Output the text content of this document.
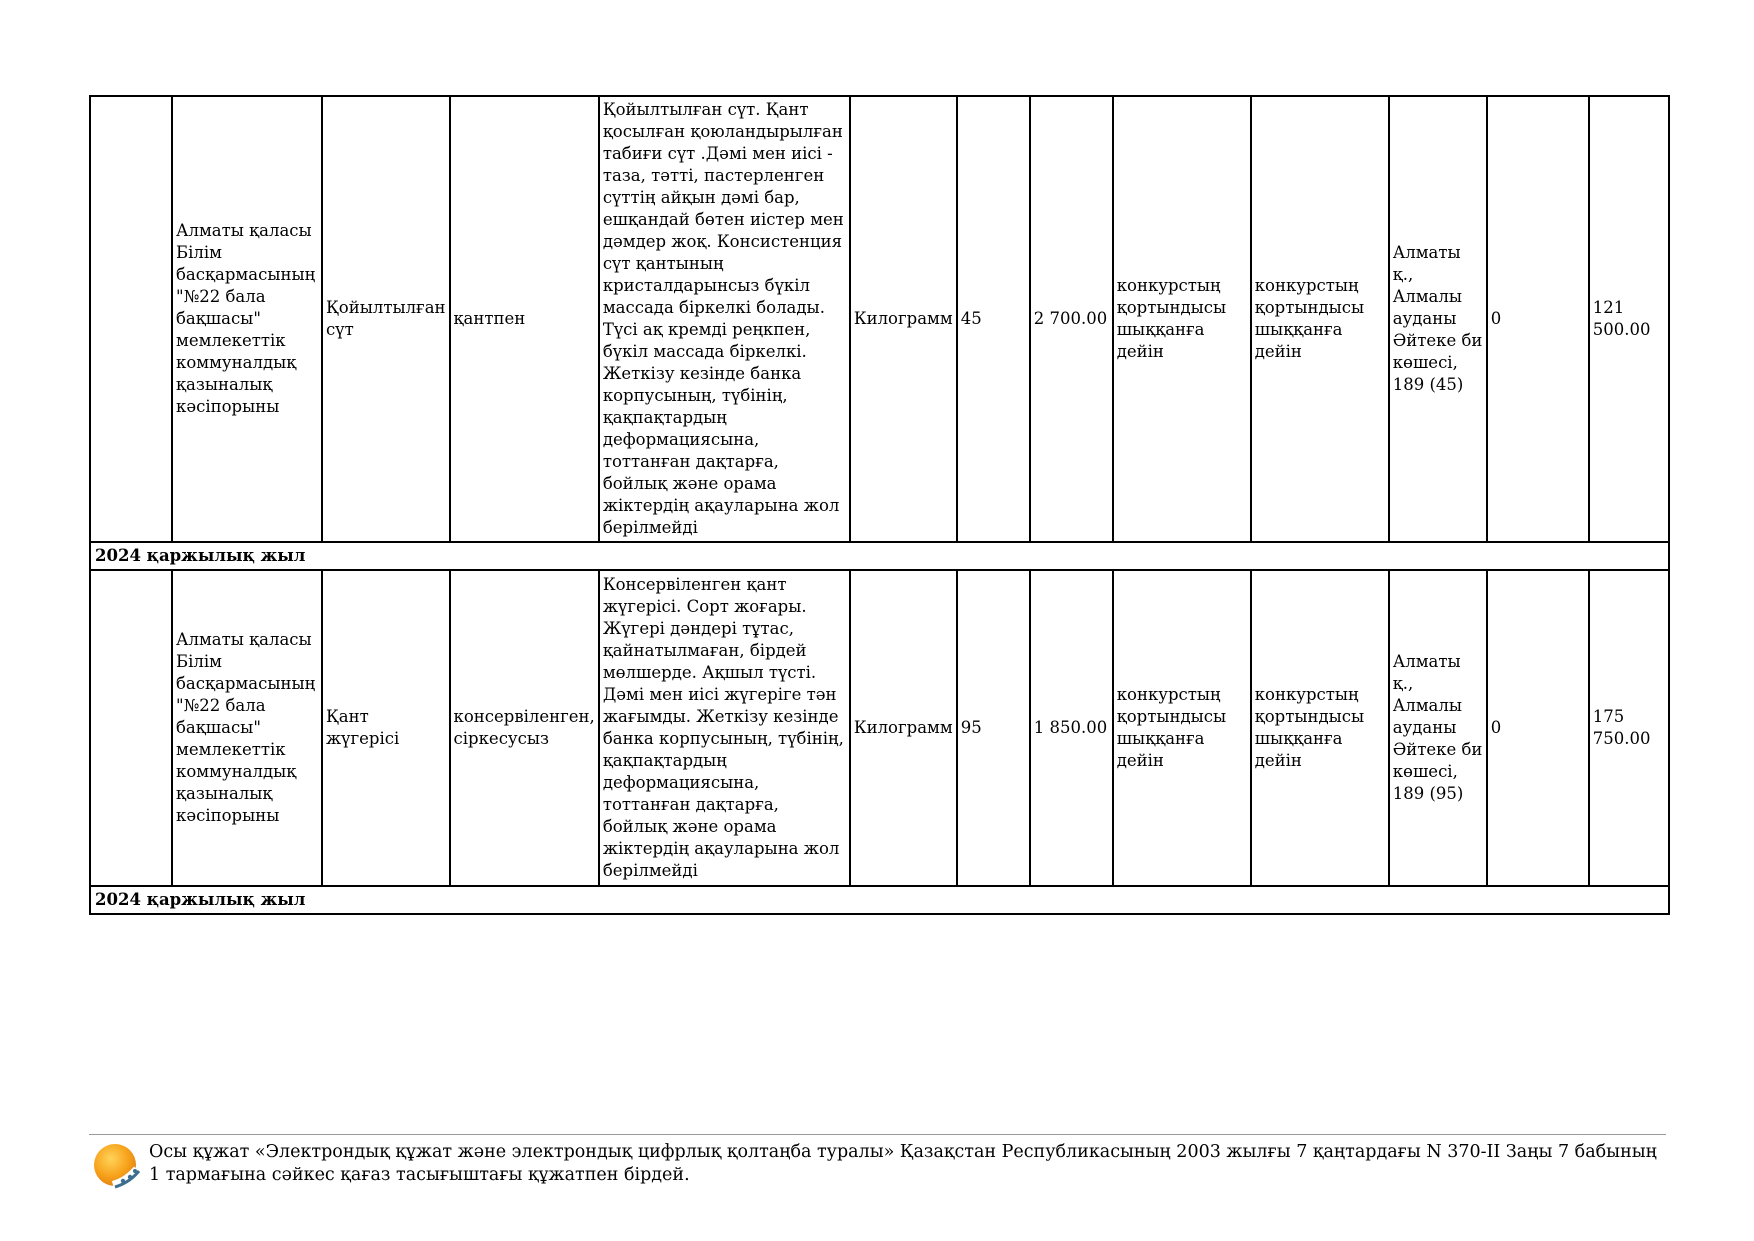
	Алматы қаласы Білім басқармасының "№22 бала бақшасы" мемлекеттік коммуналдық қазыналық кәсіпорыны	Қойылтылған сүт	қантпен	Қойылтылған сүт. Қант қосылған қоюландырылған табиғи сүт .Дәмі мен иісі - таза, тәтті, пастерленген сүттің айқын дәмі бар, ешқандай бөтен иістер мен дәмдер жоқ. Консистенция сүт қантының кристалдарынсыз бүкіл массада біркелкі болады. Түсі ақ кремді реңкпен, бүкіл массада біркелкі. Жеткізу кезінде банка корпусының, түбінің, қақпақтардың деформациясына, тоттанған дақтарға, бойлық және орама жіктердің ақауларына жол берілмейді	Килограмм	45	2 700.00	конкурстың қортындысы шыққанға дейін	конкурстың қортындысы шыққанға дейін	Алматы қ., Алмалы ауданы Әйтеке би көшесі, 189 (45)	0	121 500.00
2024 қаржылық жыл												
	Алматы қаласы Білім басқармасының "№22 бала бақшасы" мемлекеттік коммуналдық қазыналық кәсіпорыны	Қант жүгерісі	консервіленген, сіркесусыз	Консервіленген қант жүгерісі. Сорт жоғары. Жүгері дәндері тұтас, қайнатылмаған, бірдей мөлшерде. Ақшыл түсті. Дәмі мен иісі жүгеріге тән жағымды. Жеткізу кезінде банка корпусының, түбінің, қақпақтардың деформациясына, тоттанған дақтарға, бойлық және орама жіктердің ақауларына жол берілмейді	Килограмм	95	1 850.00	конкурстың қортындысы шыққанға дейін	конкурстың қортындысы шыққанға дейін	Алматы қ., Алмалы ауданы Әйтеке би көшесі, 189 (95)	0	175 750.00
2024 қаржылық жыл												
Осы құжат «Электрондық құжат және электрондық цифрлық қолтаңба туралы» Қазақстан Республикасының 2003 жылғы 7 қаңтардағы N 370-II Заңы 7 бабының 1 тармағына сәйкес қағаз тасығыштағы құжатпен бірдей.
